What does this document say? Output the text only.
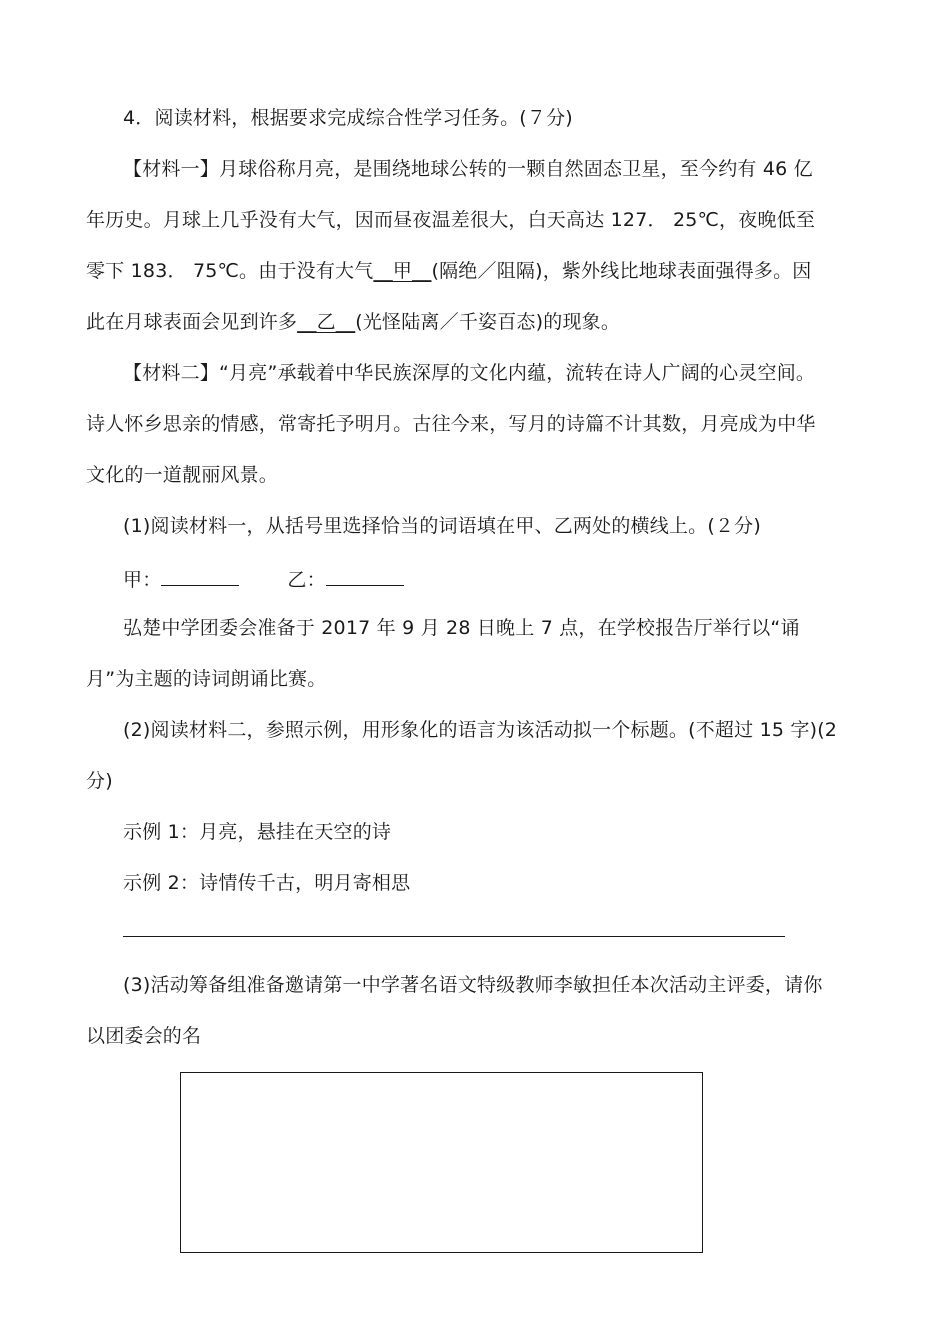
4．阅读材料，根据要求完成综合性学习任务。(７分)
【材料一】月球俗称月亮，是围绕地球公转的一颗自然固态卫星，至今约有 46 亿
年历史。月球上几乎没有大气，因而昼夜温差很大，白天高达 127． 25℃，夜晚低至
零下 183． 75℃。由于没有大气__甲__(隔绝／阻隔)，紫外线比地球表面强得多。因
此在月球表面会见到许多__乙__(光怪陆离／千姿百态)的现象。
【材料二】“月亮”承载着中华民族深厚的文化内蕴，流转在诗人广阔的心灵空间。
诗人怀乡思亲的情感，常寄托予明月。古往今来，写月的诗篇不计其数，月亮成为中华
文化的一道靓丽风景。
(1)阅读材料一，从括号里选择恰当的词语填在甲、乙两处的横线上。(２分)
甲：	乙：
弘楚中学团委会准备于 2017 年 9 月 28 日晚上 7 点，在学校报告厅举行以“诵
月”为主题的诗词朗诵比赛。
(2)阅读材料二，参照示例，用形象化的语言为该活动拟一个标题。(不超过 15 字)(2
分)
示例 1：月亮，悬挂在天空的诗
示例 2：诗情传千古，明月寄相思
(3)活动筹备组准备邀请第一中学著名语文特级教师李敏担任本次活动主评委，请你
以团委会的名
